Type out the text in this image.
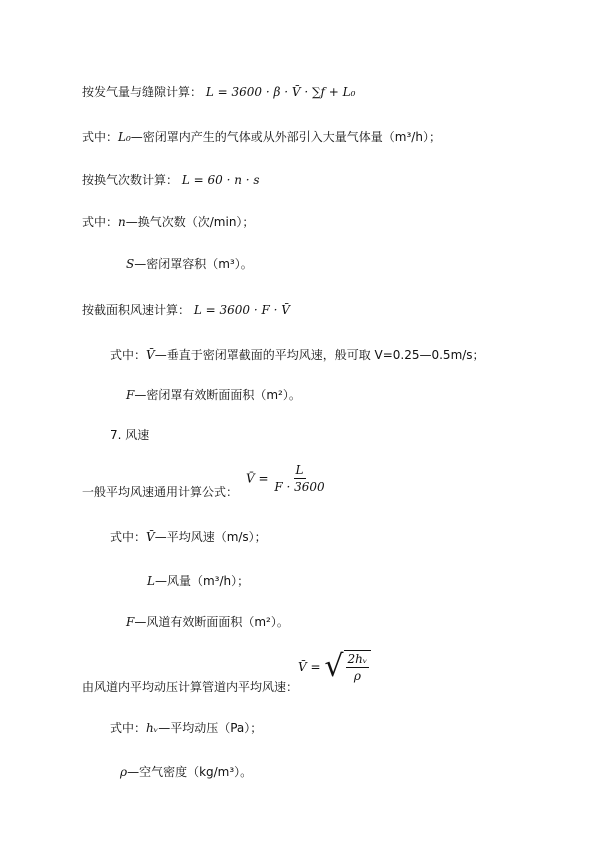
按发气量与缝隙计算： L = 3600 · β · V̄ · ∑f + L₀
式中：L₀—密闭罩内产生的气体或从外部引入大量气体量（m³/h）；
按换气次数计算： L = 60 · n · s
式中：n—换气次数（次/min）；
S—密闭罩容积（m³）。
按截面积风速计算： L = 3600 · F · V̄
式中：V̄—垂直于密闭罩截面的平均风速，般可取 V=0.25—0.5m/s；
F—密闭罩有效断面面积（m²）。
7. 风速
一般平均风速通用计算公式：
V̄ = $\frac{L}{F \cdot 3600}$
式中：V̄—平均风速（m/s）；
L—风量（m³/h）；
F—风道有效断面面积（m²）。
由风道内平均动压计算管道内平均风速：
V̄ = √ $\frac{\text{2hᵥ}}{\rho}$
式中：hᵥ—平均动压（Pa）；
ρ—空气密度（kg/m³）。
